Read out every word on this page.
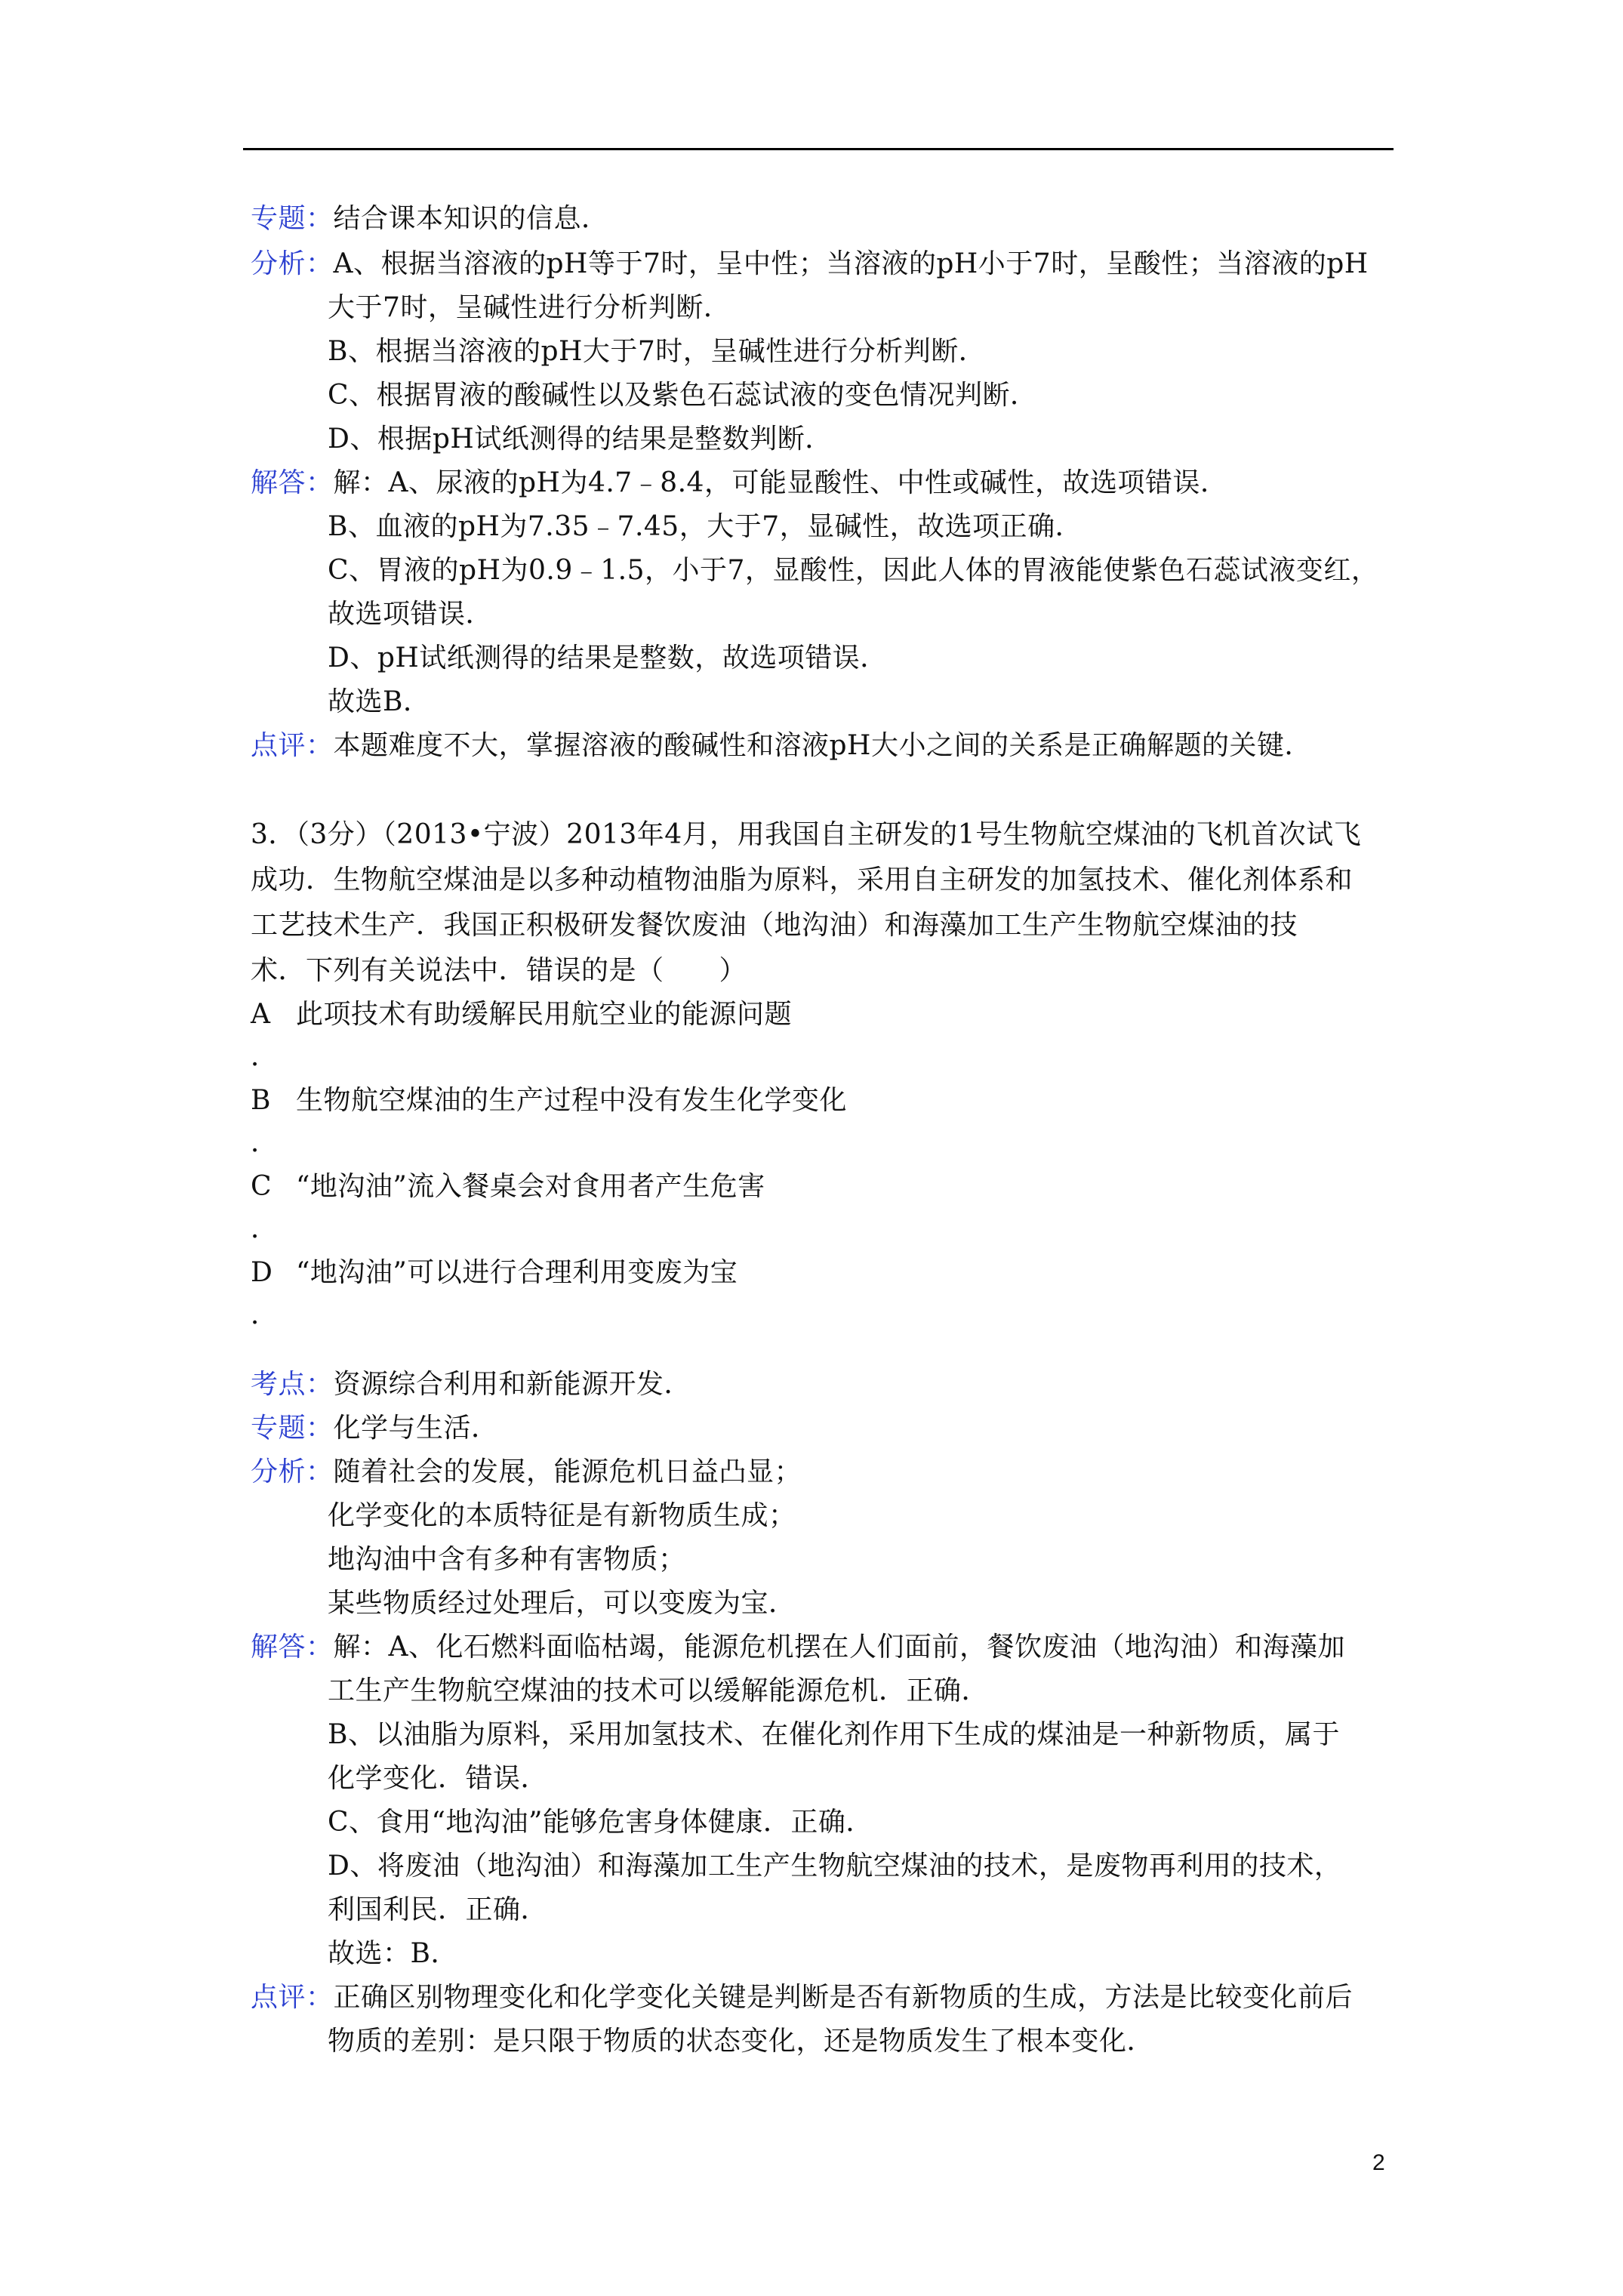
专题：结合课本知识的信息．
分析：A、根据当溶液的pH等于7时，呈中性；当溶液的pH小于7时，呈酸性；当溶液的pH
大于7时，呈碱性进行分析判断．
B、根据当溶液的pH大于7时，呈碱性进行分析判断．
C、根据胃液的酸碱性以及紫色石蕊试液的变色情况判断．
D、根据pH试纸测得的结果是整数判断．
解答：解：A、尿液的pH为4.7﹣8.4，可能显酸性、中性或碱性，故选项错误．
B、血液的pH为7.35﹣7.45，大于7，显碱性，故选项正确．
C、胃液的pH为0.9﹣1.5，小于7，显酸性，因此人体的胃液能使紫色石蕊试液变红，
故选项错误．
D、pH试纸测得的结果是整数，故选项错误．
故选B．
点评：本题难度不大，掌握溶液的酸碱性和溶液pH大小之间的关系是正确解题的关键．
3．（3分）（2013•宁波）2013年4月，用我国自主研发的1号生物航空煤油的飞机首次试飞
成功．生物航空煤油是以多种动植物油脂为原料，采用自主研发的加氢技术、催化剂体系和
工艺技术生产．我国正积极研发餐饮废油（地沟油）和海藻加工生产生物航空煤油的技
术．下列有关说法中．错误的是（　　）
A 此项技术有助缓解民用航空业的能源问题
．
B 生物航空煤油的生产过程中没有发生化学变化
．
C “地沟油”流入餐桌会对食用者产生危害
．
D “地沟油”可以进行合理利用变废为宝
．
考点：资源综合利用和新能源开发．
专题：化学与生活．
分析：随着社会的发展，能源危机日益凸显；
化学变化的本质特征是有新物质生成；
地沟油中含有多种有害物质；
某些物质经过处理后，可以变废为宝．
解答：解：A、化石燃料面临枯竭，能源危机摆在人们面前，餐饮废油（地沟油）和海藻加
工生产生物航空煤油的技术可以缓解能源危机．正确．
B、以油脂为原料，采用加氢技术、在催化剂作用下生成的煤油是一种新物质，属于
化学变化．错误．
C、食用“地沟油”能够危害身体健康．正确．
D、将废油（地沟油）和海藻加工生产生物航空煤油的技术，是废物再利用的技术，
利国利民．正确．
故选：B．
点评：正确区别物理变化和化学变化关键是判断是否有新物质的生成，方法是比较变化前后
物质的差别：是只限于物质的状态变化，还是物质发生了根本变化．
2
